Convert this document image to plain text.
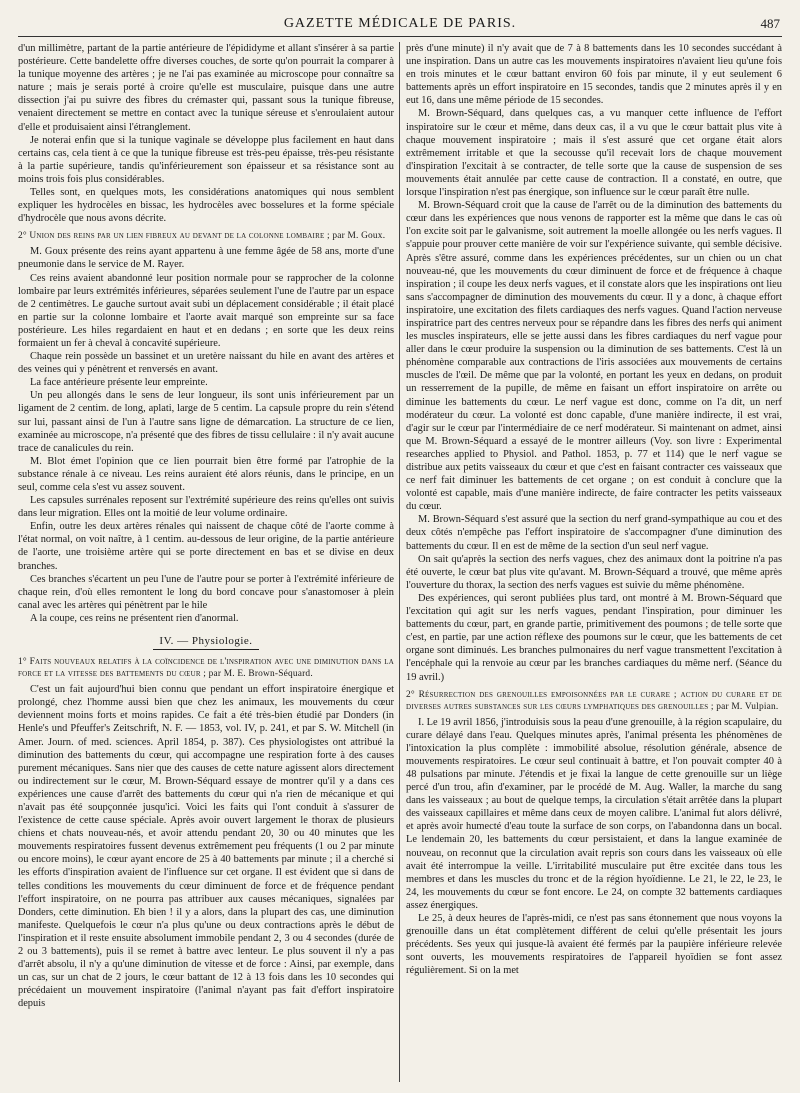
GAZETTE MÉDICALE DE PARIS.	487

d'un millimètre, partant de la partie antérieure de l'épididyme et allant s'insérer à sa partie postérieure. Cette bandelette offre diverses couches, de sorte qu'on pourrait la comparer à la tunique moyenne des artères ; je ne l'ai pas examinée au microscope pour connaître sa nature ; mais je serais porté à croire qu'elle est musculaire, puisque dans une autre dissection j'ai pu suivre des fibres du crémaster qui, passant sous la tunique fibreuse, venaient directement se mettre en contact avec la tunique séreuse et s'enroulaient autour d'elle et produisaient ainsi l'étranglement.

Je noterai enfin que si la tunique vaginale se développe plus facilement en haut dans certains cas, cela tient à ce que la tunique fibreuse est très-peu épaisse, très-peu résistante à la partie supérieure, tandis qu'inférieurement son épaisseur et sa résistance sont au moins trois fois plus considérables.

Telles sont, en quelques mots, les considérations anatomiques qui nous semblent expliquer les hydrocèles en bissac, les hydrocèles avec bosselures et la forme spéciale d'hydrocèle que nous avons décrite.

2° Union des reins par un lien fibreux au devant de la colonne lombaire ; par M. Goux.

M. Goux présente des reins ayant appartenu à une femme âgée de 58 ans, morte d'une pneumonie dans le service de M. Rayer.

Ces reins avaient abandonné leur position normale pour se rapprocher de la colonne lombaire par leurs extrémités inférieures, séparées seulement l'une de l'autre par un espace de 2 centimètres. Le gauche surtout avait subi un déplacement considérable ; il était placé en partie sur la colonne lombaire et l'aorte avait marqué son empreinte sur sa face postérieure. Les hiles regardaient en haut et en dedans ; en sorte que les deux reins formaient un fer à cheval à concavité supérieure.

Chaque rein possède un bassinet et un uretère naissant du hile en avant des artères et des veines qui y pénètrent et renversés en avant.

La face antérieure présente leur empreinte.

Un peu allongés dans le sens de leur longueur, ils sont unis inférieurement par un ligament de 2 centim. de long, aplati, large de 5 centim. La capsule propre du rein s'étend sur lui, passant ainsi de l'un à l'autre sans ligne de démarcation. La structure de ce lien, examinée au microscope, n'a présenté que des fibres de tissu cellulaire : il n'y avait aucune trace de canalicules du rein.

M. Blot émet l'opinion que ce lien pourrait bien être formé par l'atrophie de la substance rénale à ce niveau. Les reins auraient été alors réunis, dans le principe, en un seul, comme cela s'est vu assez souvent.

Les capsules surrénales reposent sur l'extrémité supérieure des reins qu'elles ont suivis dans leur migration. Elles ont la moitié de leur volume ordinaire.

Enfin, outre les deux artères rénales qui naissent de chaque côté de l'aorte comme à l'état normal, on voit naître, à 1 centim. au-dessous de leur origine, de la partie antérieure de l'aorte, une troisième artère qui se porte directement en bas et se divise en deux branches.

Ces branches s'écartent un peu l'une de l'autre pour se porter à l'extrémité inférieure de chaque rein, d'où elles remontent le long du bord concave pour s'anastomoser à plein canal avec les artères qui pénètrent par le hile

A la coupe, ces reins ne présentent rien d'anormal.

IV. — Physiologie.
1° Faits nouveaux relatifs à la coïncidence de l'inspiration avec une diminution dans la force et la vitesse des battements du cœur ; par M. E. Brown-Séquard.

C'est un fait aujourd'hui bien connu que pendant un effort inspiratoire énergique et prolongé, chez l'homme aussi bien que chez les animaux, les mouvements du cœur deviennent moins forts et moins rapides. Ce fait a été très-bien étudié par Donders (in Henle's und Pfeuffer's Zeitschrift, N. F. — 1853, vol. IV, p. 241, et par S. W. Mitchell (in Amer. Journ. of med. sciences. April 1854, p. 387). Ces physiologistes ont attribué la diminution des battements du cœur, qui accompagne une respiration forte à des causes purement mécaniques. Sans nier que des causes de cette nature agissent alors directement ou indirectement sur le cœur, M. Brown-Séquard essaye de montrer qu'il y a dans ces expériences une cause d'arrêt des battements du cœur qui n'a rien de mécanique et qui n'avait pas été soupçonnée jusqu'ici. Voici les faits qui l'ont conduit à s'assurer de l'existence de cette cause spéciale. Après avoir ouvert largement le thorax de plusieurs chiens et chats nouveau-nés, et avoir attendu pendant 20, 30 ou 40 minutes que les mouvements respiratoires fussent devenus extrêmement peu fréquents (1 ou 2 par minute ou encore moins), le cœur ayant encore de 25 à 40 battements par minute ; il a cherché si les efforts d'inspiration avaient de l'influence sur cet organe. Il est évident que si dans de telles conditions les mouvements du cœur diminuent de force et de fréquence pendant l'effort inspiratoire, on ne pourra pas attribuer aux causes mécaniques, signalées par Donders, cette diminution. Eh bien ! il y a alors, dans la plupart des cas, une diminution manifeste. Quelquefois le cœur n'a plus qu'une ou deux contractions après le début de l'inspiration et il reste ensuite absolument immobile pendant 2, 3 ou 4 secondes (durée de 2 ou 3 battements), puis il se remet à battre avec lenteur. Le plus souvent il n'y a pas d'arrêt absolu, il n'y a qu'une diminution de vitesse et de force : Ainsi, par exemple, dans un cas, sur un chat de 2 jours, le cœur battant de 12 à 13 fois dans les 10 secondes qui précédaient un mouvement inspiratoire (l'animal n'ayant pas fait d'effort inspiratoire depuis

près d'une minute) il n'y avait que de 7 à 8 battements dans les 10 secondes succédant à une inspiration. Dans un autre cas les mouvements inspiratoires n'avaient lieu qu'une fois en trois minutes et le cœur battant environ 60 fois par minute, il y eut seulement 6 battements après un effort inspiratoire en 15 secondes, tandis que 2 minutes après il y en eut 16, dans une même période de 15 secondes.

M. Brown-Séquard, dans quelques cas, a vu manquer cette influence de l'effort inspiratoire sur le cœur et même, dans deux cas, il a vu que le cœur battait plus vite à chaque mouvement inspiratoire ; mais il s'est assuré que cet organe était alors extrêmement irritable et que la secousse qu'il recevait lors de chaque mouvement d'inspiration l'excitait à se contracter, de telle sorte que la cause de suspension de ses mouvements était annulée par cette cause de contraction. Il a constaté, en outre, que lorsque l'inspiration n'est pas énergique, son influence sur le cœur paraît être nulle.

M. Brown-Séquard croit que la cause de l'arrêt ou de la diminution des battements du cœur dans les expériences que nous venons de rapporter est la même que dans le cas où l'on excite soit par le galvanisme, soit autrement la moelle allongée ou les nerfs vagues. Il s'appuie pour prouver cette manière de voir sur l'expérience suivante, qui semble décisive. Après s'être assuré, comme dans les expériences précédentes, sur un chien ou un chat nouveau-né, que les mouvements du cœur diminuent de force et de fréquence à chaque inspiration ; il coupe les deux nerfs vagues, et il constate alors que les inspirations ont lieu sans s'accompagner de diminution des mouvements du cœur. Il y a donc, à chaque effort inspiratoire, une excitation des filets cardiaques des nerfs vagues. Quand l'action nerveuse inspiratrice part des centres nerveux pour se répandre dans les fibres des nerfs qui animent les muscles inspirateurs, elle se jette aussi dans les fibres cardiaques du nerf vague pour aller dans le cœur produire la suspension ou la diminution de ses battements. C'est là un phénomène comparable aux contractions de l'iris associées aux mouvements de certains muscles de l'œil. De même que par la volonté, en portant les yeux en dedans, on produit un resserrement de la pupille, de même en faisant un effort inspiratoire on arrête ou diminue les battements du cœur. Le nerf vague est donc, comme on l'a dit, un nerf modérateur du cœur. La volonté est donc capable, d'une manière indirecte, il est vrai, d'agir sur le cœur par l'intermédiaire de ce nerf modérateur. Si maintenant on admet, ainsi que M. Brown-Séquard a essayé de le montrer ailleurs (Voy. son livre : Experimental researches applied to Physiol. and Pathol. 1853, p. 77 et 114) que le nerf vague se distribue aux petits vaisseaux du cœur et que c'est en faisant contracter ces vaisseaux que ce nerf fait diminuer les battements de cet organe ; on est conduit à conclure que la volonté est capable, mais d'une manière indirecte, de faire contracter les petits vaisseaux du cœur.

M. Brown-Séquard s'est assuré que la section du nerf grand-sympathique au cou et des deux côtés n'empêche pas l'effort inspiratoire de s'accompagner d'une diminution des battements du cœur. Il en est de même de la section d'un seul nerf vague.

On sait qu'après la section des nerfs vagues, chez des animaux dont la poitrine n'a pas été ouverte, le cœur bat plus vite qu'avant. M. Brown-Séquard a trouvé, que même après l'ouverture du thorax, la section des nerfs vagues est suivie du même phénomène.

Des expériences, qui seront publiées plus tard, ont montré à M. Brown-Séquard que l'excitation qui agit sur les nerfs vagues, pendant l'inspiration, pour diminuer les battements du cœur, part, en grande partie, primitivement des poumons ; de telle sorte que c'est, en partie, par une action réflexe des poumons sur le cœur, que les battements de cet organe sont diminués. Les branches pulmonaires du nerf vague transmettent l'excitation à l'encéphale qui la renvoie au cœur par les branches cardiaques du même nerf. (Séance du 19 avril.)

2° Résurrection des grenouilles empoisonnées par le curare ; action du curare et de diverses autres substances sur les cœurs lymphatiques des grenouilles ; par M. Vulpian.

I. Le 19 avril 1856, j'introduisis sous la peau d'une grenouille, à la région scapulaire, du curare délayé dans l'eau. Quelques minutes après, l'animal présenta les phénomènes de l'intoxication la plus complète : immobilité absolue, résolution générale, absence de mouvements respiratoires. Le cœur seul continuait à battre, et l'on pouvait compter 40 à 48 pulsations par minute. J'étendis et je fixai la langue de cette grenouille sur un liège percé d'un trou, afin d'examiner, par le procédé de M. Aug. Waller, la marche du sang dans les vaisseaux ; au bout de quelque temps, la circulation s'était arrêtée dans la plupart des vaisseaux capillaires et même dans ceux de moyen calibre. L'animal fut alors délivré, et après avoir humecté d'eau toute la surface de son corps, on l'abandonna dans un bocal. Le lendemain 20, les battements du cœur persistaient, et dans la langue examinée de nouveau, on reconnut que la circulation avait repris son cours dans les vaisseaux où elle avait été interrompue la veille. L'irritabilité musculaire put être excitée dans tous les membres et dans les muscles du tronc et de la région hyoïdienne. Le 21, le 22, le 23, le 24, les mouvements du cœur se font encore. Le 24, on compte 32 battements cardiaques assez énergiques.

Le 25, à deux heures de l'après-midi, ce n'est pas sans étonnement que nous voyons la grenouille dans un état complètement différent de celui qu'elle présentait les jours précédents. Ses yeux qui jusque-là avaient été fermés par la paupière inférieure relevée sont ouverts, les mouvements respiratoires de l'appareil hyoïdien se font assez régulièrement. Si on la met
